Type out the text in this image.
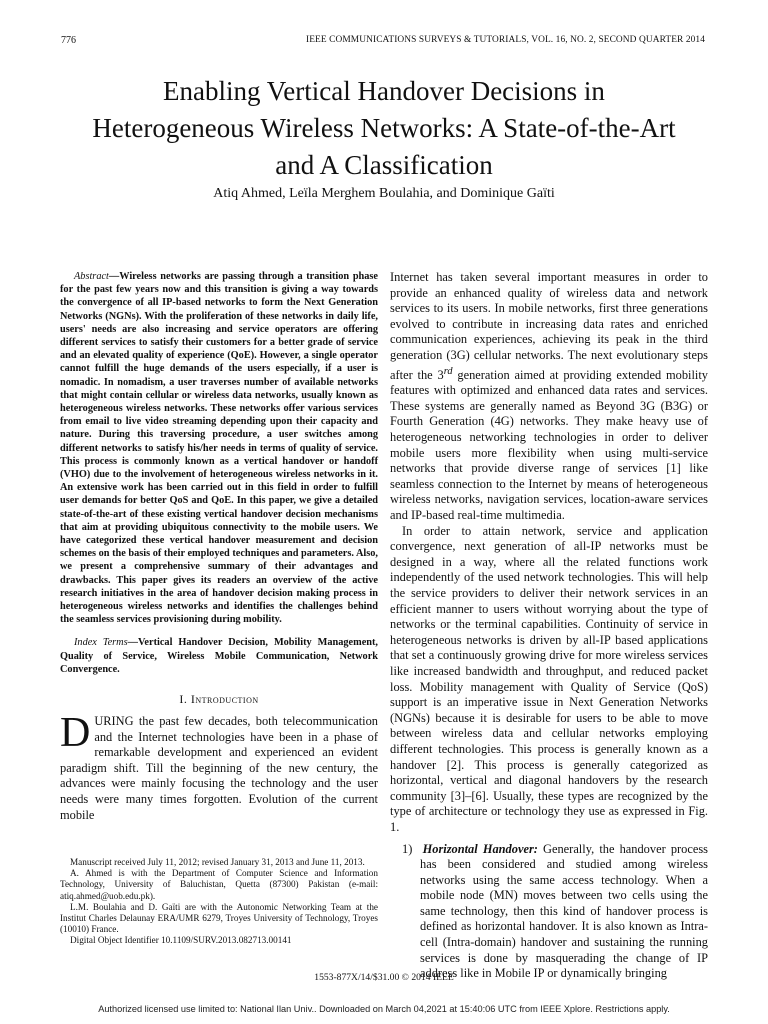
776	IEEE COMMUNICATIONS SURVEYS & TUTORIALS, VOL. 16, NO. 2, SECOND QUARTER 2014
Enabling Vertical Handover Decisions in Heterogeneous Wireless Networks: A State-of-the-Art and A Classification
Atiq Ahmed, Leïla Merghem Boulahia, and Dominique Gaïti

Abstract—Wireless networks are passing through a transition phase for the past few years now and this transition is giving a way towards the convergence of all IP-based networks to form the Next Generation Networks (NGNs). With the proliferation of these networks in daily life, users' needs are also increasing and service operators are offering different services to satisfy their customers for a better grade of service and an elevated quality of experience (QoE). However, a single operator cannot fulfill the huge demands of the users especially, if a user is nomadic. In nomadism, a user traverses number of available networks that might contain cellular or wireless data networks, usually known as heterogeneous wireless networks. These networks offer various services from email to live video streaming depending upon their capacity and nature. During this traversing procedure, a user switches among different networks to satisfy his/her needs in terms of quality of service. This process is commonly known as a vertical handover or handoff (VHO) due to the involvement of heterogeneous wireless networks in it. An extensive work has been carried out in this field in order to fulfill user demands for better QoS and QoE. In this paper, we give a detailed state-of-the-art of these existing vertical handover decision mechanisms that aim at providing ubiquitous connectivity to the mobile users. We have categorized these vertical handover measurement and decision schemes on the basis of their employed techniques and parameters. Also, we present a comprehensive summary of their advantages and drawbacks. This paper gives its readers an overview of the active research initiatives in the area of handover decision making process in heterogeneous wireless networks and identifies the challenges behind the seamless services provisioning during mobility.

Index Terms—Vertical Handover Decision, Mobility Management, Quality of Service, Wireless Mobile Communication, Network Convergence.

I. Introduction

DURING the past few decades, both telecommunication and the Internet technologies have been in a phase of remarkable development and experienced an evident paradigm shift. Till the beginning of the new century, the advances were mainly focusing the technology and the user needs were many times forgotten. Evolution of the current mobile

Manuscript received July 11, 2012; revised January 31, 2013 and June 11, 2013.

A. Ahmed is with the Department of Computer Science and Information Technology, University of Baluchistan, Quetta (87300) Pakistan (e-mail: atiq.ahmed@uob.edu.pk).

L.M. Boulahia and D. Gaïti are with the Autonomic Networking Team at the Institut Charles Delaunay ERA/UMR 6279, Troyes University of Technology, Troyes (10010) France.

Digital Object Identifier 10.1109/SURV.2013.082713.00141

Internet has taken several important measures in order to provide an enhanced quality of wireless data and network services to its users. In mobile networks, first three generations evolved to contribute in increasing data rates and enriched communication experiences, achieving its peak in the third generation (3G) cellular networks. The next evolutionary steps after the 3rd generation aimed at providing extended mobility features with optimized and enhanced data rates and services. These systems are generally named as Beyond 3G (B3G) or Fourth Generation (4G) networks. They make heavy use of heterogeneous networking technologies in order to deliver mobile users more flexibility when using multi-service networks that provide diverse range of services [1] like seamless connection to the Internet by means of heterogeneous wireless networks, navigation services, location-aware services and IP-based real-time multimedia.

In order to attain network, service and application convergence, next generation of all-IP networks must be designed in a way, where all the related functions work independently of the used network technologies. This will help the service providers to deliver their network services in an efficient manner to users without worrying about the type of networks or the terminal capabilities. Continuity of service in heterogeneous networks is driven by all-IP based applications that set a continuously growing drive for more wireless services like increased bandwidth and throughput, and reduced packet loss. Mobility management with Quality of Service (QoS) support is an imperative issue in Next Generation Networks (NGNs) because it is desirable for users to be able to move between wireless data and cellular networks employing different technologies. This process is generally known as a handover [2]. This process is generally categorized as horizontal, vertical and diagonal handovers by the research community [3]–[6]. Usually, these types are recognized by the type of architecture or technology they use as expressed in Fig. 1.

1) Horizontal Handover: Generally, the handover process has been considered and studied among wireless networks using the same access technology. When a mobile node (MN) moves between two cells using the same technology, then this kind of handover process is defined as horizontal handover. It is also known as Intra-cell (Intra-domain) handover and sustaining the running services is done by masquerading the change of IP address like in Mobile IP or dynamically bringing

1553-877X/14/$31.00 © 2014 IEEE
Authorized licensed use limited to: National Ilan Univ.. Downloaded on March 04,2021 at 15:40:06 UTC from IEEE Xplore. Restrictions apply.
